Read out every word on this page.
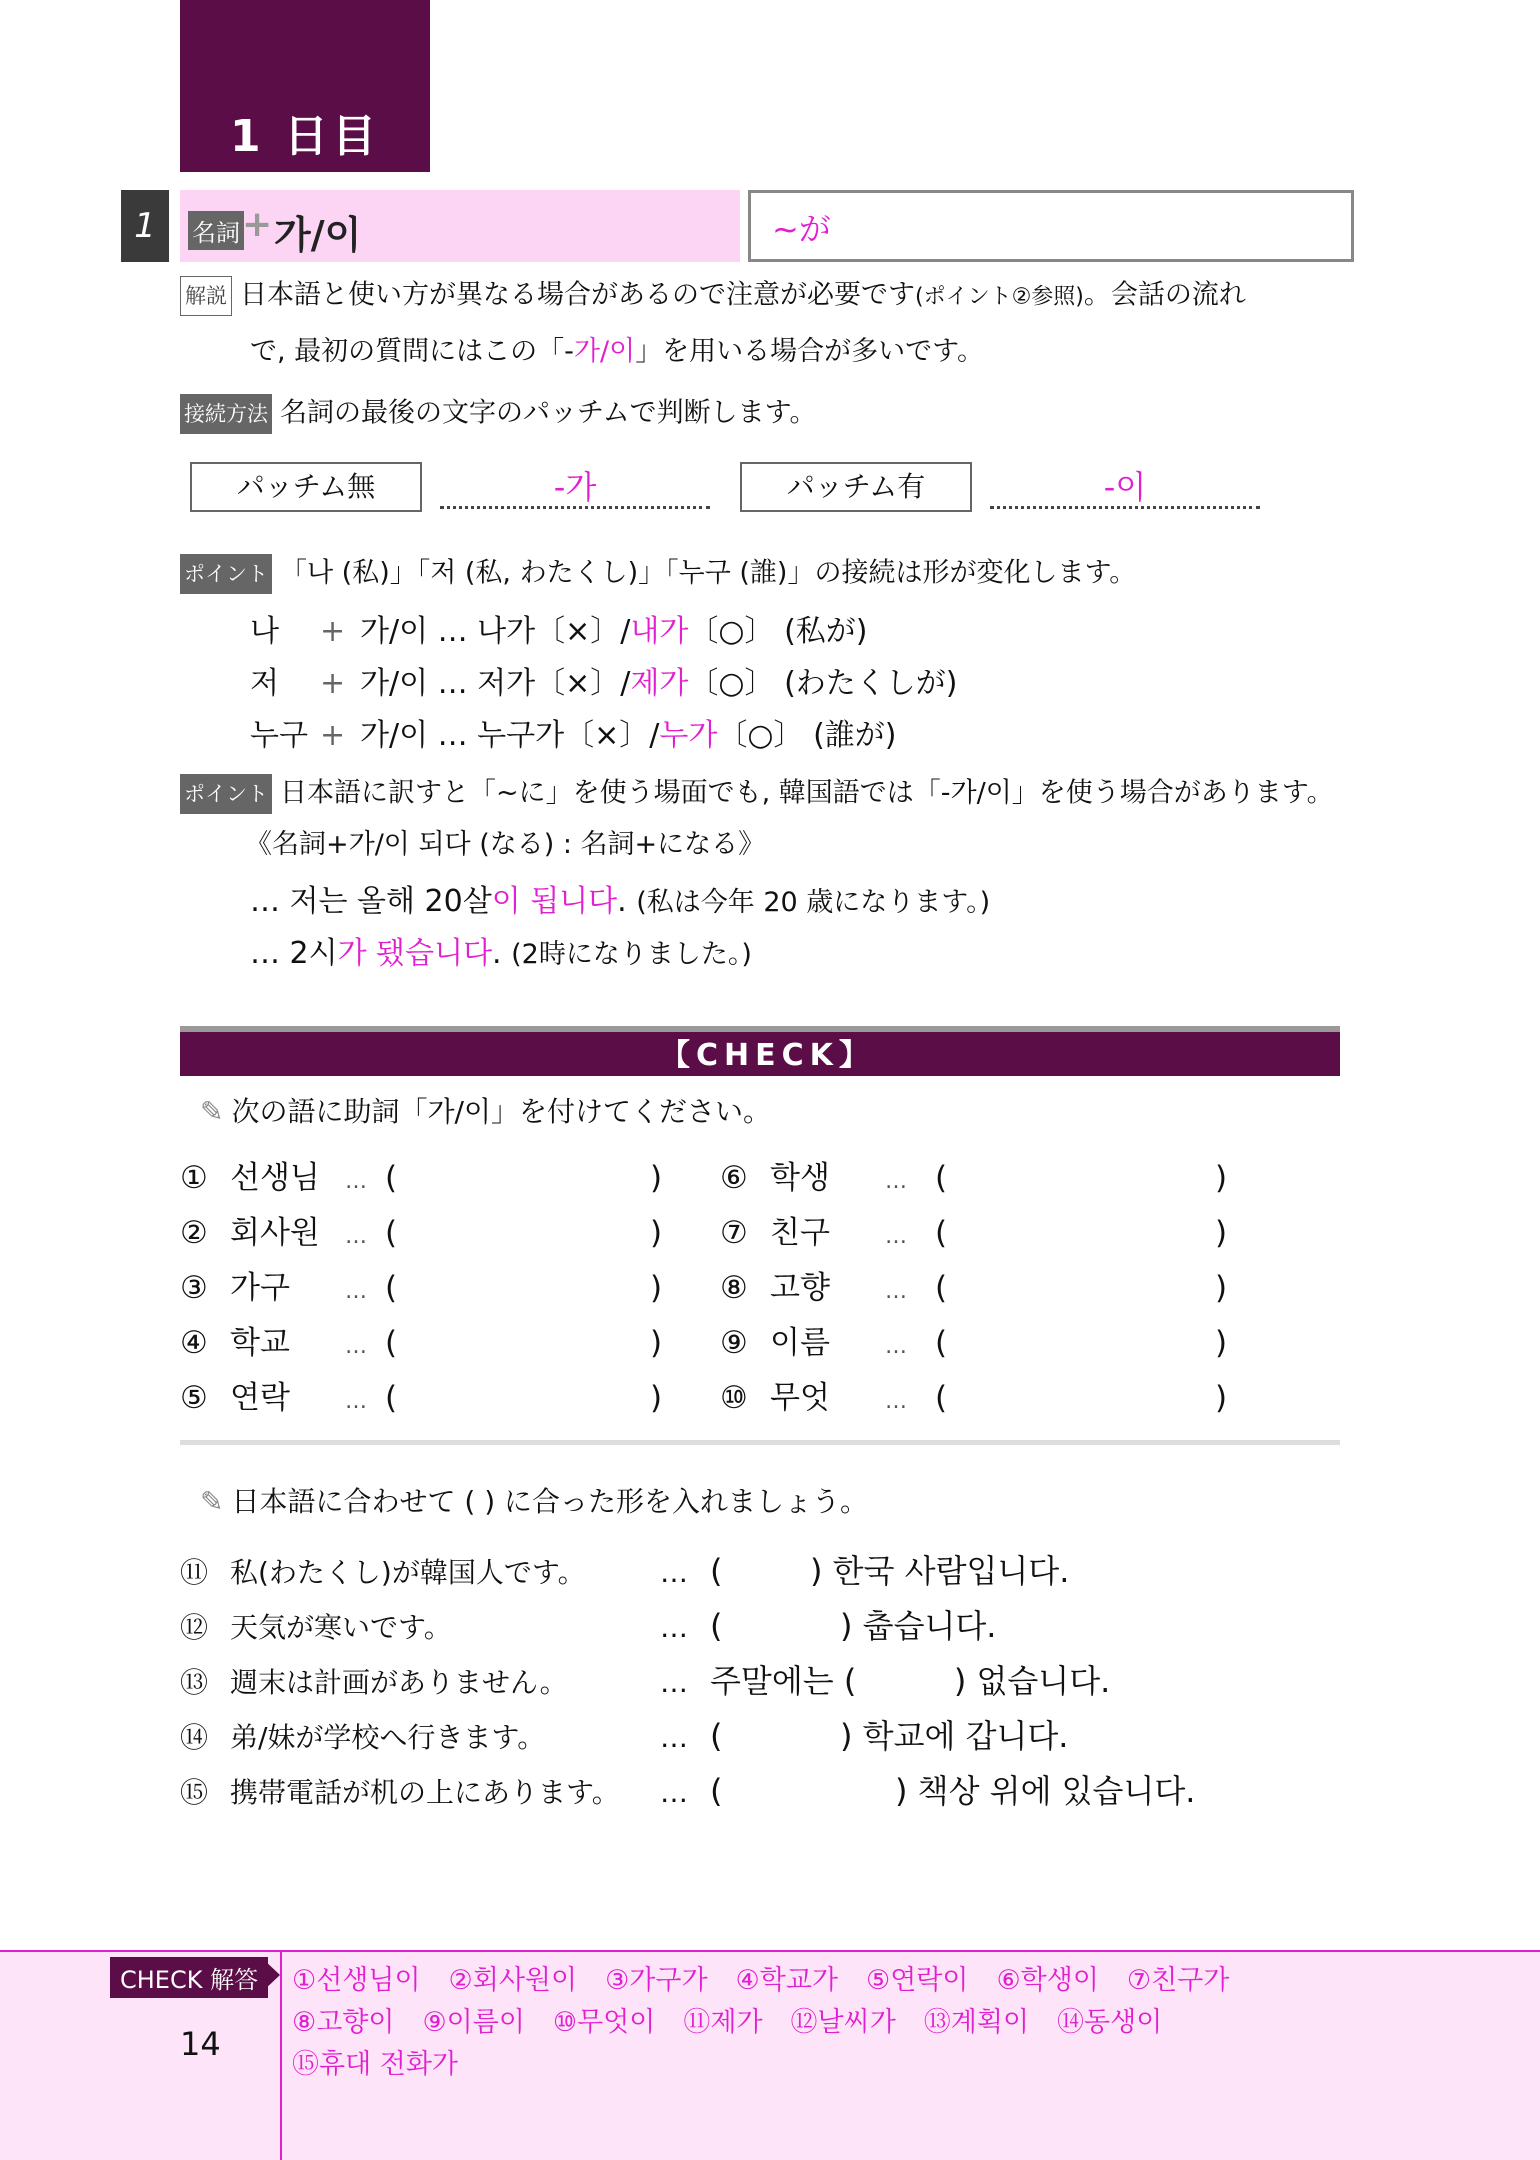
1 日目
1	名詞 + 가/이	~が
解説 日本語と使い方が異なる場合があるので注意が必要です(ポイント②参照)。会話の流れ
で, 最初の質問にはこの「-가/이」を用いる場合が多いです。
接続方法 名詞の最後の文字のパッチムで判断します。
パッチム無	-가	パッチム有	-이
ポイント 「나 (私)」「저 (私, わたくし)」「누구 (誰)」の接続は形が変化します。
나 + 가/이 … 나가〔×〕/내가〔○〕 (私が)
저 + 가/이 … 저가〔×〕/제가〔○〕 (わたくしが)
누구 + 가/이 … 누구가〔×〕/누가〔○〕 (誰が)
ポイント 日本語に訳すと「~に」を使う場面でも, 韓国語では「-가/이」を使う場合があります。
《名詞+가/이 되다 (なる) : 名詞+になる》
… 저는 올해 20살이 됩니다. (私は今年 20 歳になります。)
… 2시가 됐습니다. (2時になりました。)
【CHECK】
✎ 次の語に助詞「가/이」を付けてください。
① 선생님 … (	)
② 회사원 … (	)
③ 가구	… (	)
④ 학교	… (	)
⑤ 연락	… (	)
⑥ 학생	… (	)
⑦ 친구	… (	)
⑧ 고향	… (	)
⑨ 이름	… (	)
⑩ 무엇	… (	)
✎ 日本語に合わせて ( ) に合った形を入れましょう。
⑪ 私(わたくし)が韓国人です。	… (	) 한국 사람입니다.
⑫ 天気が寒いです。	… (	) 춥습니다.
⑬ 週末は計画がありません。	… 주말에는 (	) 없습니다.
⑭ 弟/妹が学校へ行きます。	… (	) 학교에 갑니다.
⑮ 携帯電話が机の上にあります。 … (	) 책상 위에 있습니다.
CHECK 解答
14
①선생님이 ②회사원이 ③가구가 ④학교가 ⑤연락이 ⑥학생이 ⑦친구가
⑧고향이 ⑨이름이 ⑩무엇이 ⑪제가 ⑫날씨가 ⑬계획이 ⑭동생이
⑮휴대 전화가
